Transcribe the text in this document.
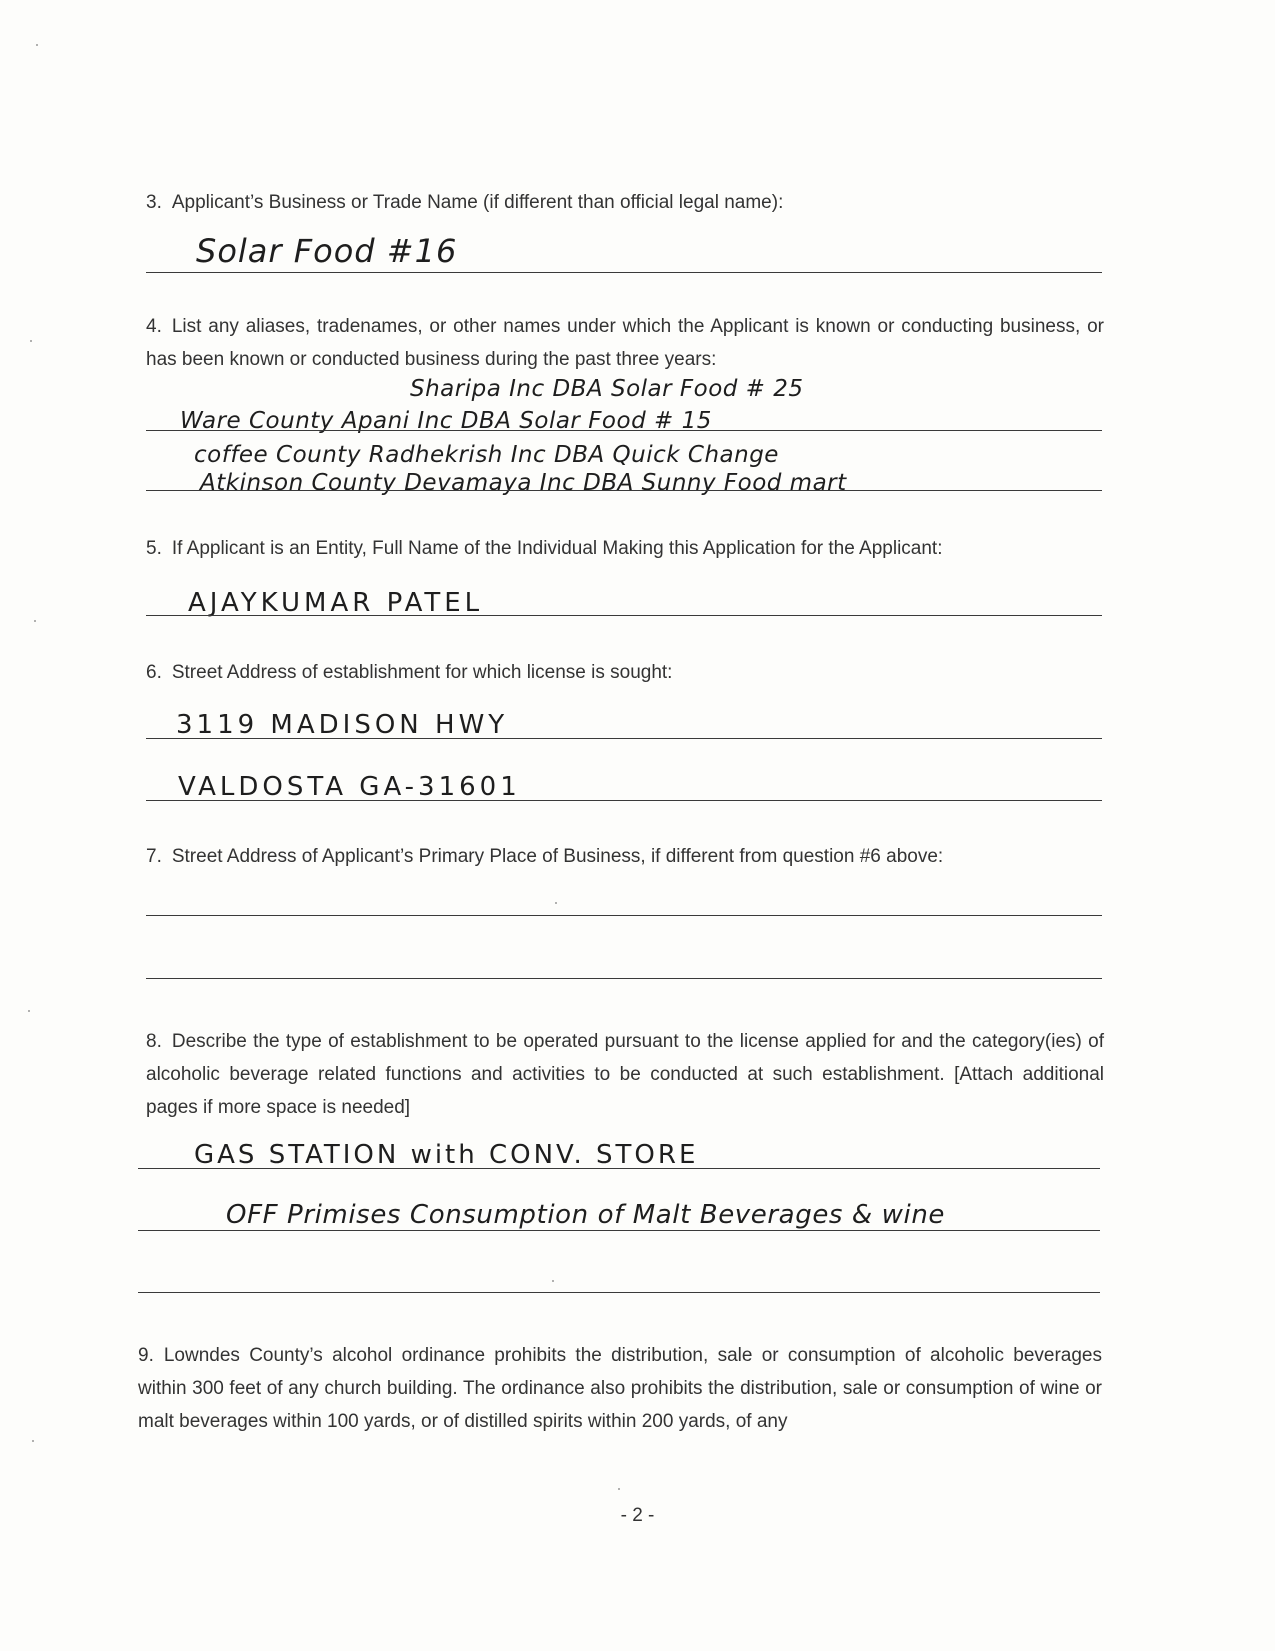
3. Applicant’s Business or Trade Name (if different than official legal name):
Solar Food #16
4. List any aliases, tradenames, or other names under which the Applicant is known or conducting business, or has been known or conducted business during the past three years:
Sharipa Inc DBA Solar Food # 25
Ware County Apani Inc DBA Solar Food # 15
coffee County Radhekrish Inc DBA Quick Change
Atkinson County Devamaya Inc DBA Sunny Food mart
5. If Applicant is an Entity, Full Name of the Individual Making this Application for the Applicant:
AJAYKUMAR PATEL
6. Street Address of establishment for which license is sought:
3119 MADISON HWY
VALDOSTA GA-31601
7. Street Address of Applicant’s Primary Place of Business, if different from question #6 above:
8. Describe the type of establishment to be operated pursuant to the license applied for and the category(ies) of alcoholic beverage related functions and activities to be conducted at such establishment. [Attach additional pages if more space is needed]
GAS STATION with CONV. STORE
OFF Primises Consumption of Malt Beverages & wine
9. Lowndes County’s alcohol ordinance prohibits the distribution, sale or consumption of alcoholic beverages within 300 feet of any church building. The ordinance also prohibits the distribution, sale or consumption of wine or malt beverages within 100 yards, or of distilled spirits within 200 yards, of any
- 2 -
